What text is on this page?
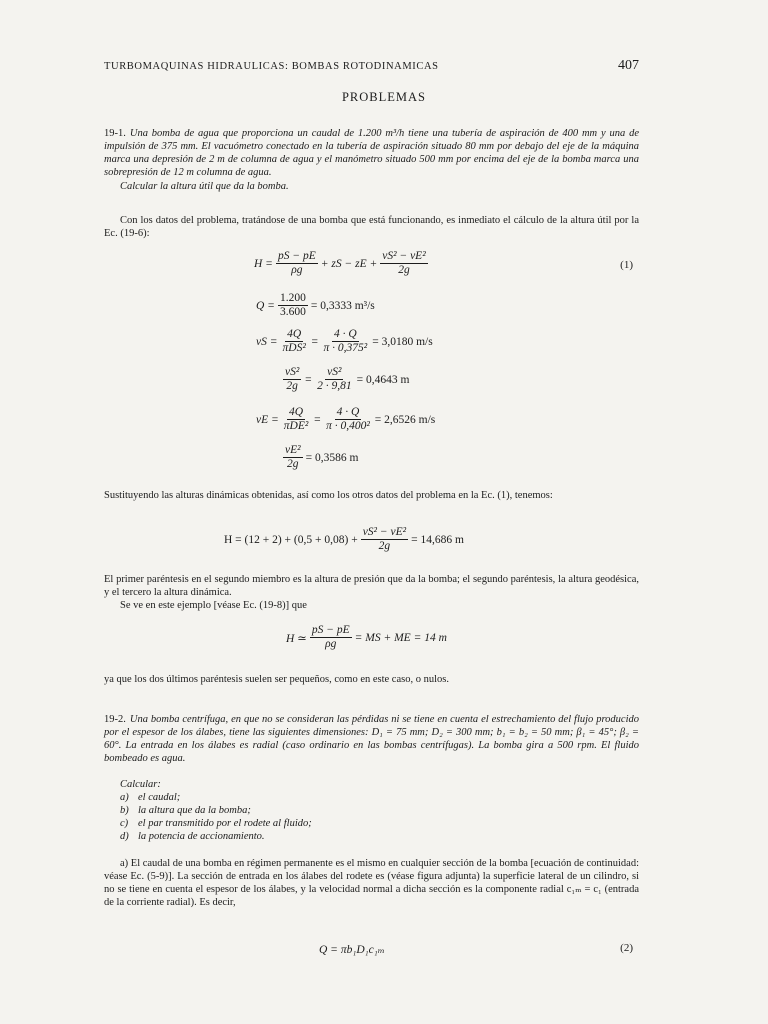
TURBOMAQUINAS HIDRAULICAS: BOMBAS ROTODINAMICAS	407
PROBLEMAS

19-1. Una bomba de agua que proporciona un caudal de 1.200 m³/h tiene una tubería de aspiración de 400 mm y una de impulsión de 375 mm. El vacuómetro conectado en la tubería de aspiración situado 80 mm por debajo del eje de la máquina marca una depresión de 2 m de columna de agua y el manómetro situado 500 mm por encima del eje de la bomba marca una sobrepresión de 12 m columna de agua.

Calcular la altura útil que da la bomba.

Con los datos del problema, tratándose de una bomba que está funcionando, es inmediato el cálculo de la altura útil por la Ec. (19-6):

$H = \frac{pS - pE}{\rho g}$ + zS − zE + $\frac{\text{vS² − vE²}}{2g}$	(1)
$Q = \frac{1.200}{3.600} = 0,3333$ m³/s
vS = $\frac{4Q}{\text{πDS²}} = \frac{4 \cdot Q}{\text{π · 0,375²}} = 3,0180$ m/s
$\frac{\text{vS²}}{2g} = \frac{\text{vS²}}{2 \cdot 9,81} = 0,4643$ m
vE = $\frac{4Q}{\text{πDE²}} = \frac{4 \cdot Q}{\text{π · 0,400²}} = 2,6526$ m/s
$\frac{\text{vE²}}{2g} = 0,3586$ m

Sustituyendo las alturas dinámicas obtenidas, así como los otros datos del problema en la Ec. (1), tenemos:

$H = (12 + 2) + (0,5 + 0,08) + \frac{\text{vS² − vE²}}{2g} = 14,686$ m

El primer paréntesis en el segundo miembro es la altura de presión que da la bomba; el segundo paréntesis, la altura geodésica, y el tercero la altura dinámica.

Se ve en este ejemplo [véase Ec. (19-8)] que

H ≃ $\frac{pS - pE}{\rho g}$ = MS + ME = 14 m

ya que los dos últimos paréntesis suelen ser pequeños, como en este caso, o nulos.

19-2. Una bomba centrífuga, en que no se consideran las pérdidas ni se tiene en cuenta el estrechamiento del flujo producido por el espesor de los álabes, tiene las siguientes dimensiones: D₁ = 75 mm; D₂ = 300 mm; b₁ = b₂ = 50 mm; β₁ = 45°; β₂ = 60°. La entrada en los álabes es radial (caso ordinario en las bombas centrífugas). La bomba gira a 500 rpm. El fluido bombeado es agua.

Calcular:

a) el caudal;
b) la altura que da la bomba;
c) el par transmitido por el rodete al fluido;
d) la potencia de accionamiento.

a) El caudal de una bomba en régimen permanente es el mismo en cualquier sección de la bomba [ecuación de continuidad: véase Ec. (5-9)]. La sección de entrada en los álabes del rodete es (véase figura adjunta) la superficie lateral de un cilindro, si no se tiene en cuenta el espesor de los álabes, y la velocidad normal a dicha sección es la componente radial c₁ₘ = c₁ (entrada de la corriente radial). Es decir,

Q = πb₁D₁c₁ₘ	(2)
